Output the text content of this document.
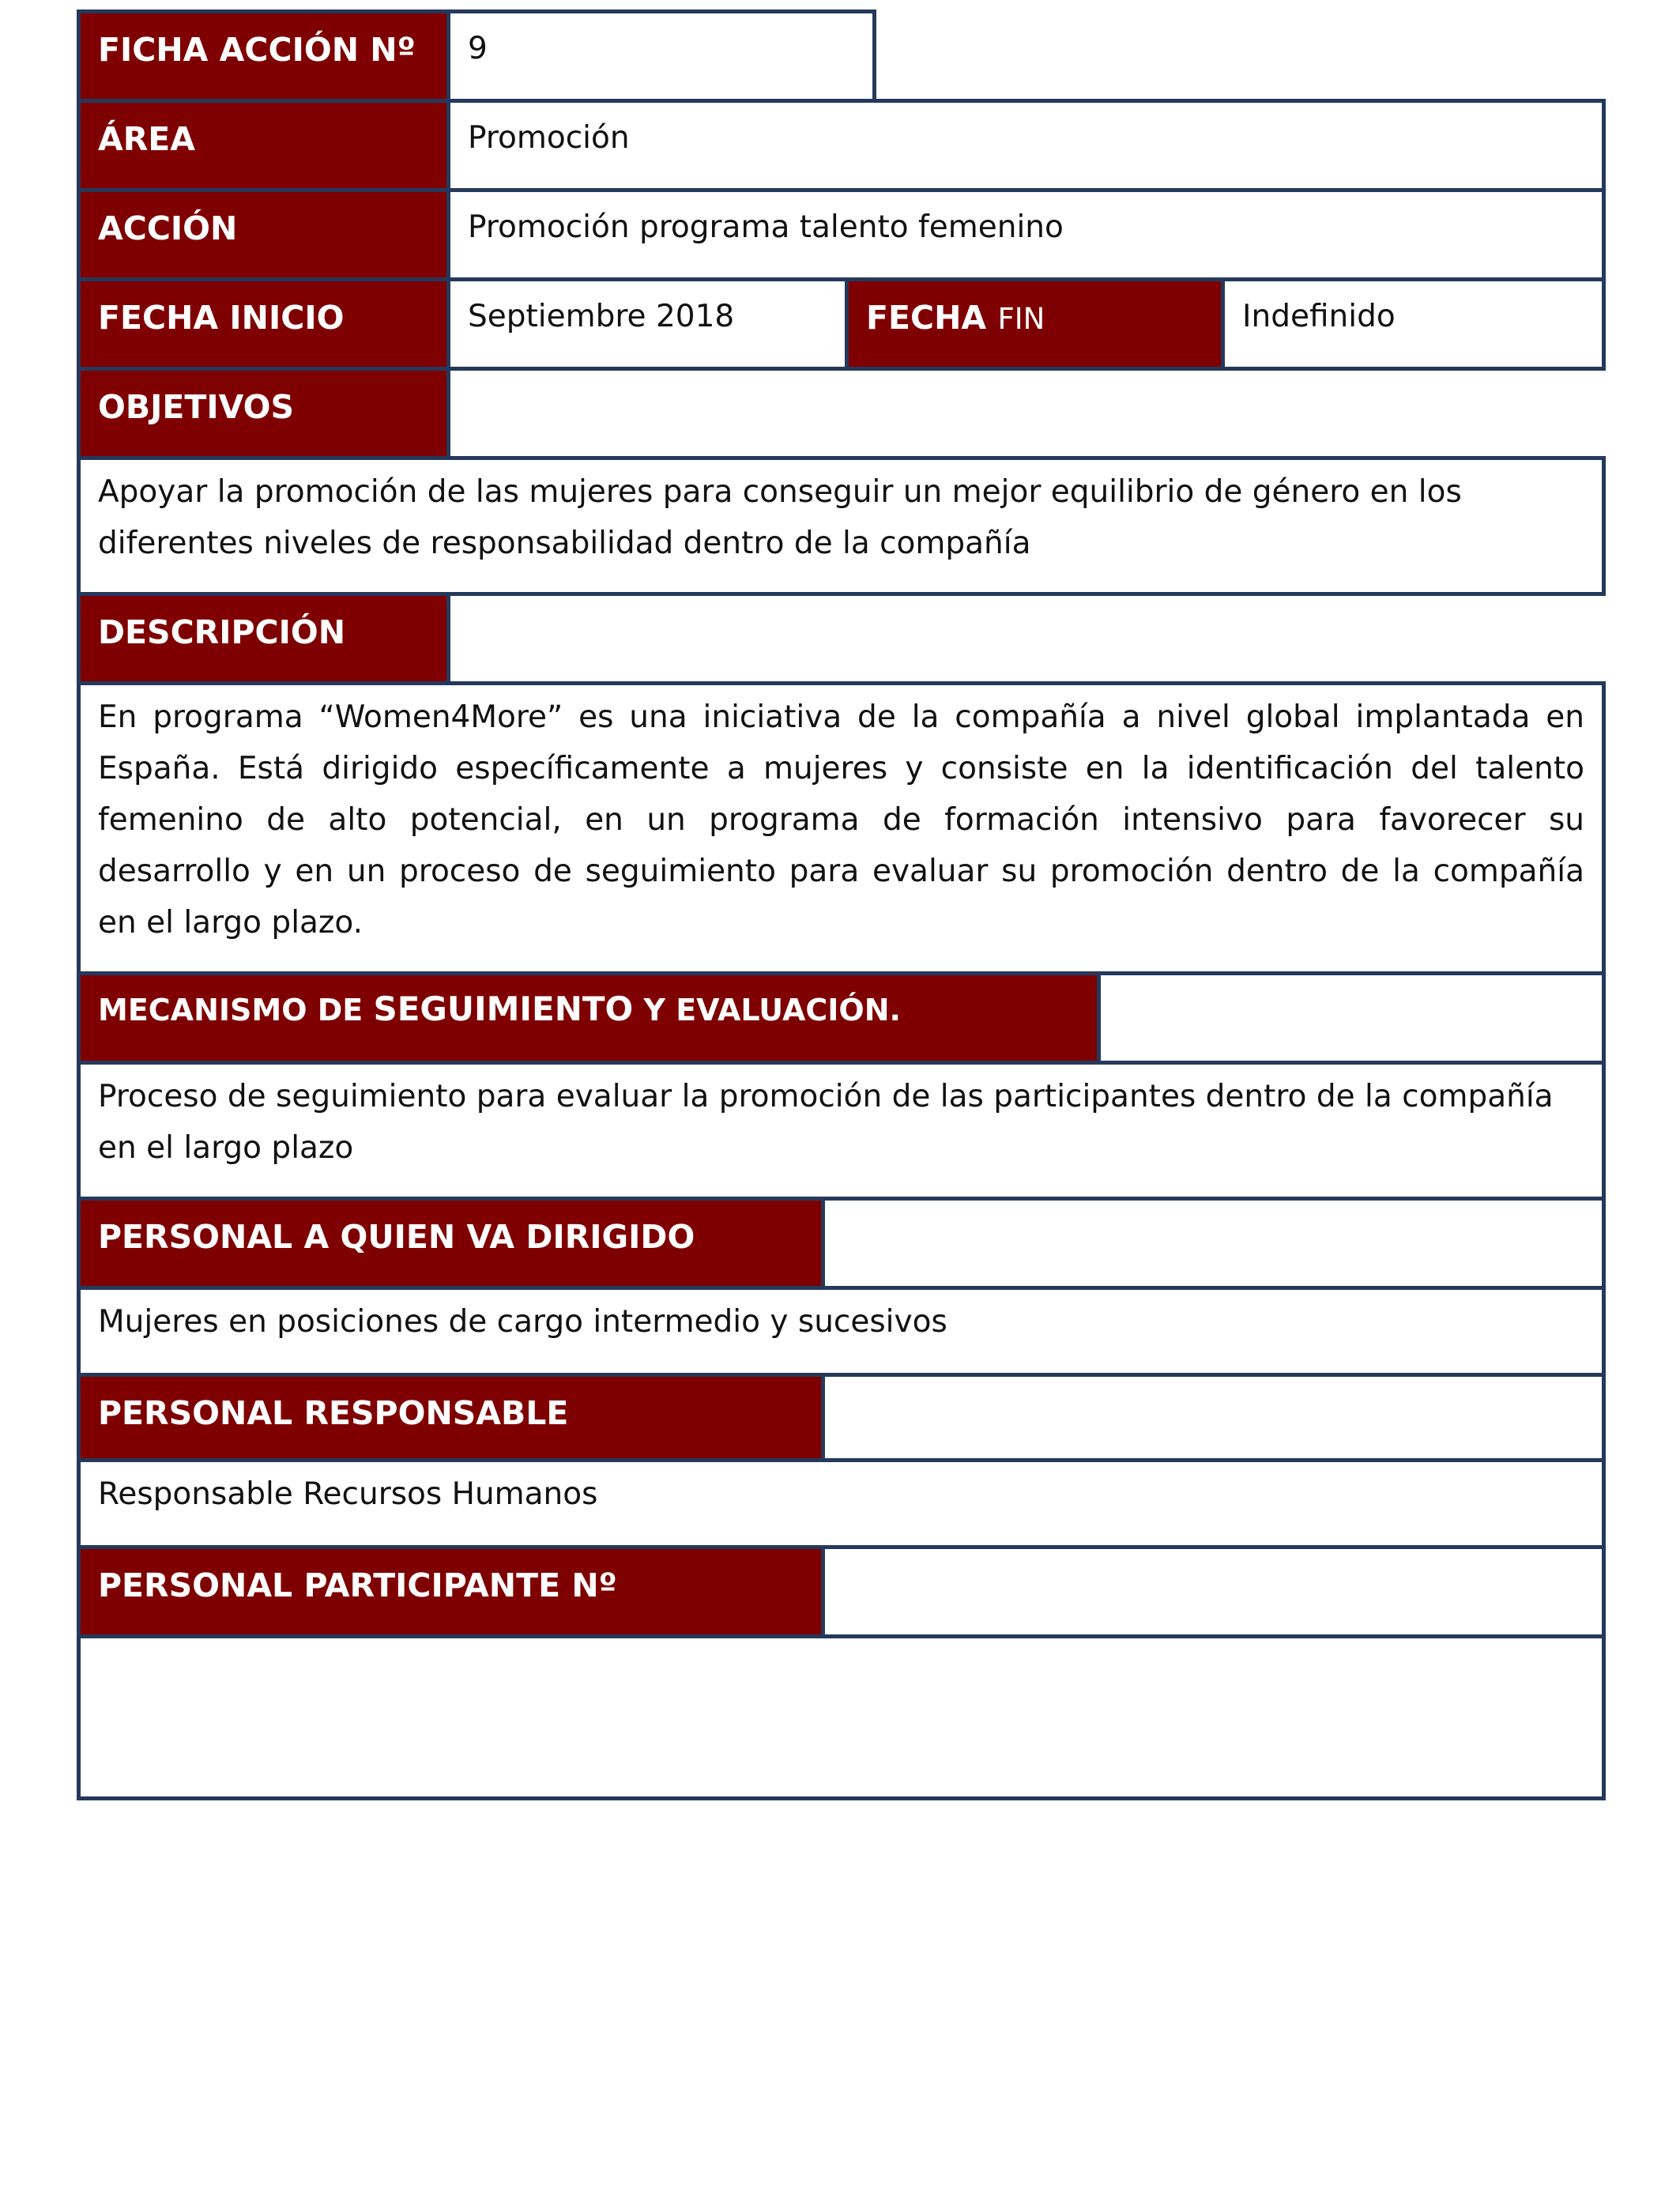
FICHA ACCIÓN Nº	9
ÁREA	Promoción
ACCIÓN	Promoción programa talento femenino
FECHA INICIO	Septiembre 2018	FECHA FIN	Indefinido
OBJETIVOS
Apoyar la promoción de las mujeres para conseguir un mejor equilibrio de género en los diferentes niveles de responsabilidad dentro de la compañía
DESCRIPCIÓN
En programa “Women4More” es una iniciativa de la compañía a nivel global implantada en España. Está dirigido específicamente a mujeres y consiste en la identificación del talento femenino de alto potencial, en un programa de formación intensivo para favorecer su desarrollo y en un proceso de seguimiento para evaluar su promoción dentro de la compañía en el largo plazo.
MECANISMO DE SEGUIMIENTO Y EVALUACIÓN.
Proceso de seguimiento para evaluar la promoción de las participantes dentro de la compañía en el largo plazo
PERSONAL A QUIEN VA DIRIGIDO
Mujeres en posiciones de cargo intermedio y sucesivos
PERSONAL RESPONSABLE
Responsable Recursos Humanos
PERSONAL PARTICIPANTE Nº
